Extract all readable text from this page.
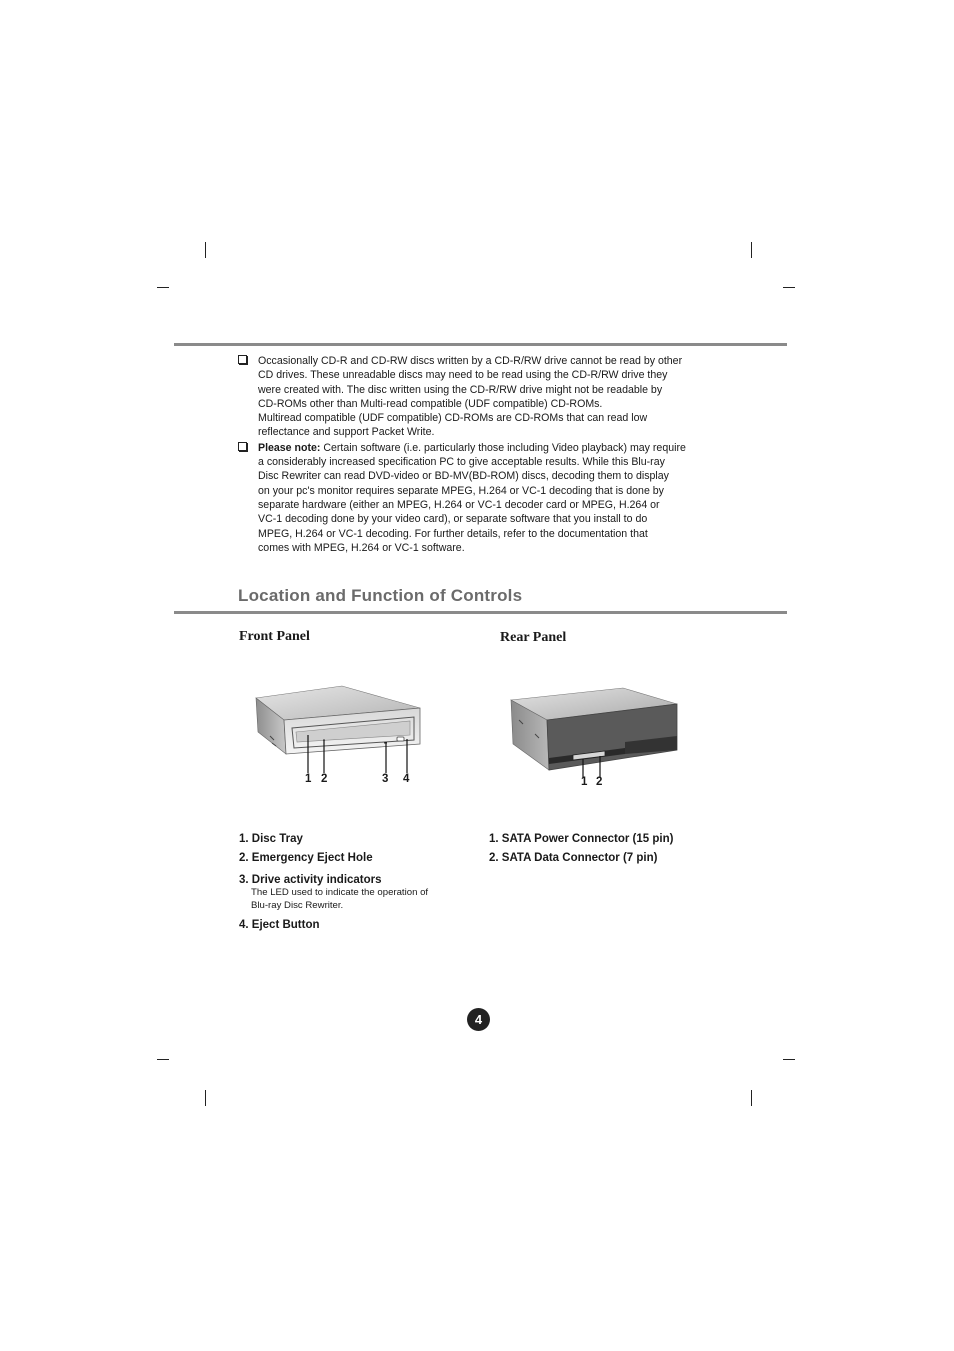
Occasionally CD-R and CD-RW discs written by a CD-R/RW drive cannot be read by other

CD drives. These unreadable discs may need to be read using the CD-R/RW drive they

were created with. The disc written using the CD-R/RW drive might not be readable by

CD-ROMs other than Multi-read compatible (UDF compatible) CD-ROMs.

Multiread compatible (UDF compatible) CD-ROMs are CD-ROMs that can read low

reflectance and support Packet Write.

Please note: Certain software (i.e. particularly those including Video playback) may require

a considerably increased specification PC to give acceptable results. While this Blu-ray

Disc Rewriter can read DVD-video or BD-MV(BD-ROM) discs, decoding them to display

on your pc's monitor requires separate MPEG, H.264 or VC-1 decoding that is done by

separate hardware (either an MPEG, H.264 or VC-1 decoder card or MPEG, H.264 or

VC-1 decoding done by your video card), or separate software that you install to do

MPEG, H.264 or VC-1 decoding. For further details, refer to the documentation that

comes with MPEG, H.264 or VC-1 software.

Location and Function of Controls
Front Panel	Rear Panel
1 2	3 4	1 2
1. Disc Tray
2. Emergency Eject Hole
3. Drive activity indicators
The LED used to indicate the operation of
Blu-ray Disc Rewriter.
4. Eject Button
1. SATA Power Connector (15 pin)
2. SATA Data Connector (7 pin)
4
